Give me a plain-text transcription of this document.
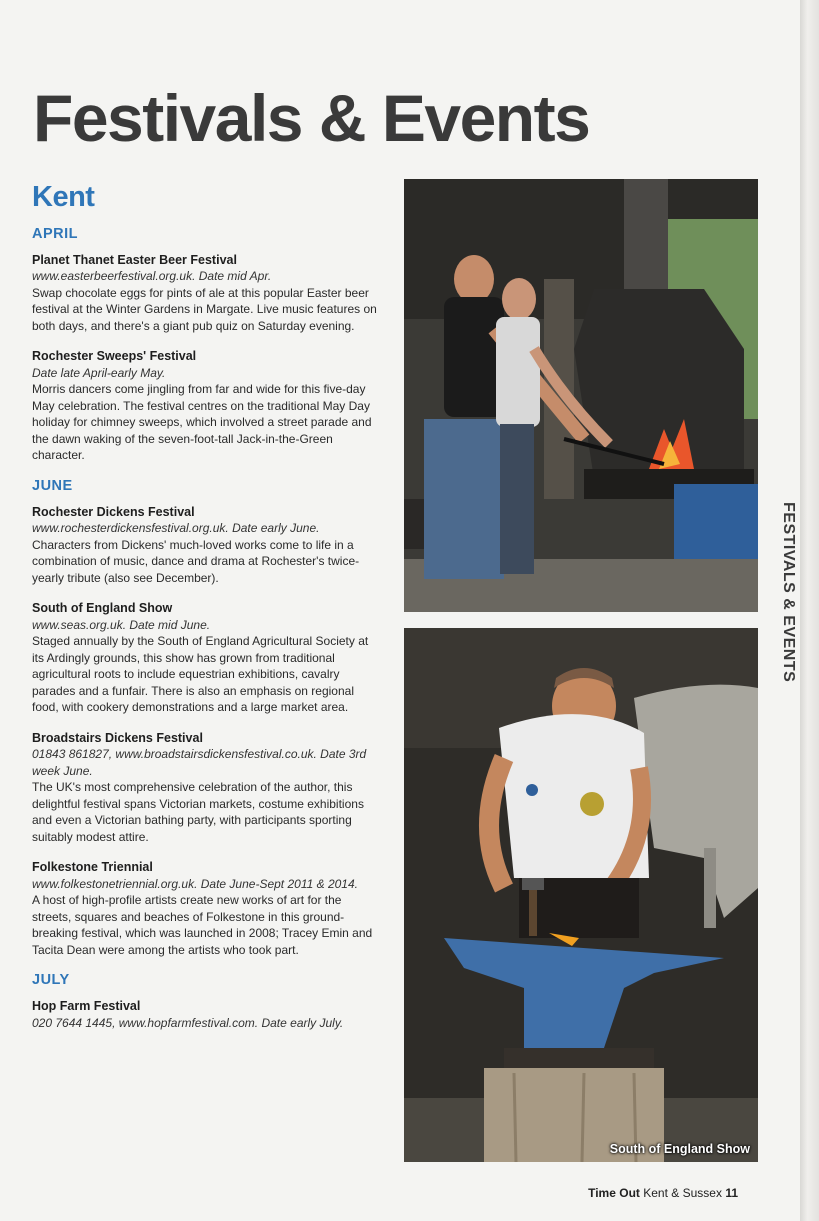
Festivals & Events
Kent
APRIL
Planet Thanet Easter Beer Festival
www.easterbeerfestival.org.uk. Date mid Apr.
Swap chocolate eggs for pints of ale at this popular Easter beer festival at the Winter Gardens in Margate. Live music features on both days, and there's a giant pub quiz on Saturday evening.
Rochester Sweeps' Festival
Date late April-early May.
Morris dancers come jingling from far and wide for this five-day May celebration. The festival centres on the traditional May Day holiday for chimney sweeps, which involved a street parade and the dawn waking of the seven-foot-tall Jack-in-the-Green character.
JUNE
Rochester Dickens Festival
www.rochesterdickensfestival.org.uk. Date early June.
Characters from Dickens' much-loved works come to life in a combination of music, dance and drama at Rochester's twice-yearly tribute (also see December).
South of England Show
www.seas.org.uk. Date mid June.
Staged annually by the South of England Agricultural Society at its Ardingly grounds, this show has grown from traditional agricultural roots to include equestrian exhibitions, cavalry parades and a funfair. There is also an emphasis on regional food, with cookery demonstrations and a large market area.
Broadstairs Dickens Festival
01843 861827, www.broadstairsdickensfestival.co.uk. Date 3rd week June.
The UK's most comprehensive celebration of the author, this delightful festival spans Victorian markets, costume exhibitions and even a Victorian bathing party, with participants sporting suitably modest attire.
Folkestone Triennial
www.folkestonetriennial.org.uk. Date June-Sept 2011 & 2014.
A host of high-profile artists create new works of art for the streets, squares and beaches of Folkestone in this ground-breaking festival, which was launched in 2008; Tracey Emin and Tacita Dean were among the artists who took part.
JULY
Hop Farm Festival
020 7644 1445, www.hopfarmfestival.com. Date early July.
South of England Show
FESTIVALS & EVENTS
Time Out Kent & Sussex 11
